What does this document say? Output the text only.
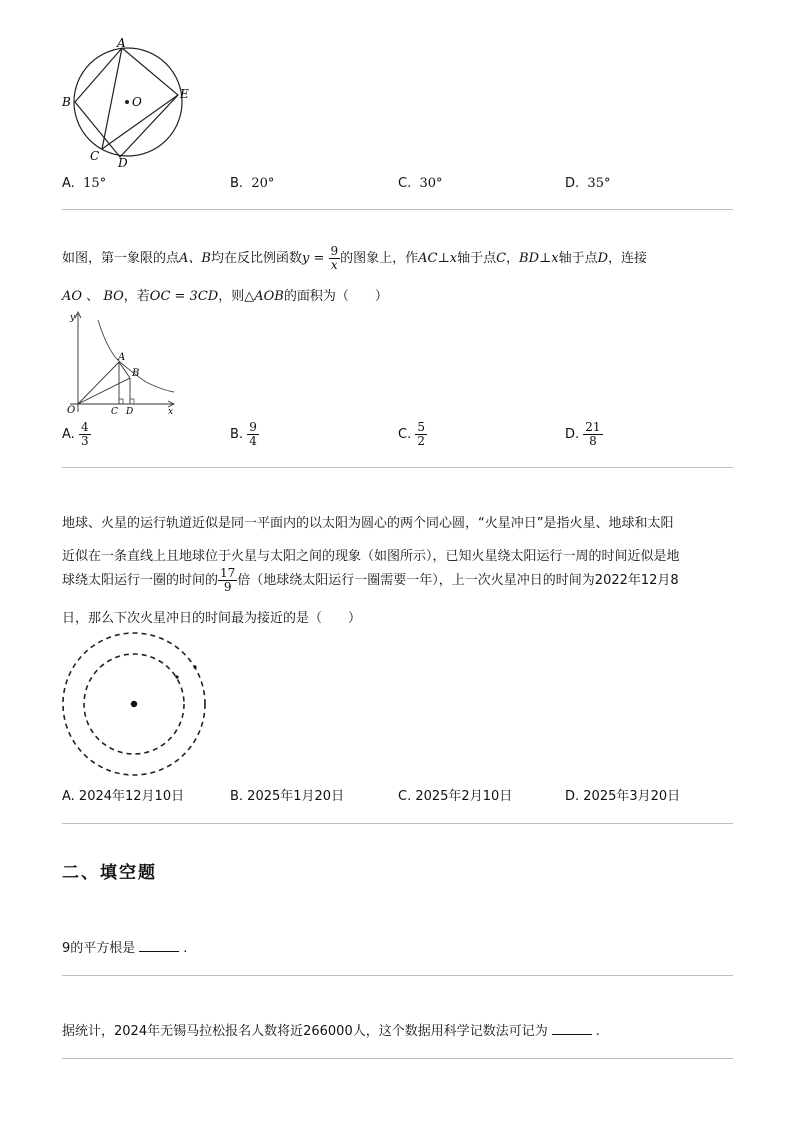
A
B	O
E
C D
A. 15°	B. 20°	C. 30°	D. 35°
如图，第一象限的点A、B均在反比例函数$y = \frac{9}{x}$ 的图象上，作AC⊥x轴于点C，BD⊥x轴于点D，连接
AO 、 BO，若OC = 3CD，则△AOB的面积为（　　）
y
x
O
A
B
C D
A. $\frac{4}{3}$	B. $\frac{9}{4}$	C. $\frac{5}{2}$	D. $\frac{21}{8}$
地球、火星的运行轨道近似是同一平面内的以太阳为圆心的两个同心圆，“火星冲日”是指火星、地球和太阳
近似在一条直线上且地球位于火星与太阳之间的现象（如图所示），已知火星绕太阳运行一周的时间近似是地
球绕太阳运行一圈的时间的 $\frac{17}{9}$ 倍（地球绕太阳运行一圈需要一年），上一次火星冲日的时间为2022年12月8
日，那么下次火星冲日的时间最为接近的是（　　）
A. 2024年12月10日	B. 2025年1月20日	C. 2025年2月10日	D. 2025年3月20日
二、填空题
9的平方根是	.
据统计，2024年无锡马拉松报名人数将近266000人，这个数据用科学记数法可记为	.
